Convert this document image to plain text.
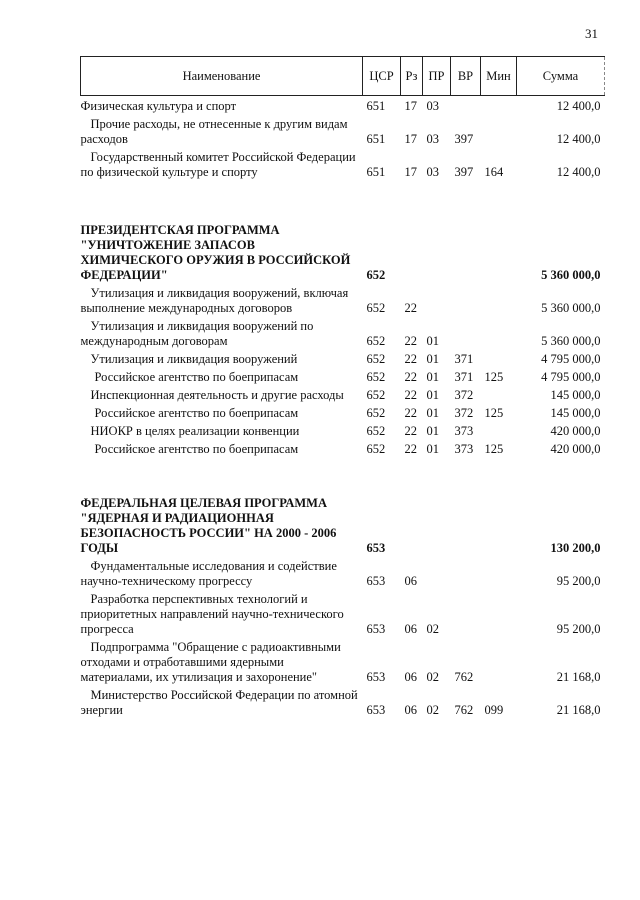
31
Наименование	ЦСР	Рз	ПР	ВР	Мин	Сумма
Физическая культура и спорт	651	17	03			12 400,0
Прочие расходы, не отнесенные к другим видам расходов	651	17	03	397		12 400,0
Государственный комитет Российской Федерации по физической культуре и спорту	651	17	03	397	164	12 400,0

ПРЕЗИДЕНТСКАЯ ПРОГРАММА "УНИЧТОЖЕНИЕ ЗАПАСОВ ХИМИЧЕСКОГО ОРУЖИЯ В РОССИЙСКОЙ ФЕДЕРАЦИИ"	652					5 360 000,0
Утилизация и ликвидация вооружений, включая выполнение международных договоров	652	22				5 360 000,0
Утилизация и ликвидация вооружений по международным договорам	652	22	01			5 360 000,0
Утилизация и ликвидация вооружений	652	22	01	371		4 795 000,0
Российское агентство по боеприпасам	652	22	01	371	125	4 795 000,0
Инспекционная деятельность и другие расходы	652	22	01	372		145 000,0
Российское агентство по боеприпасам	652	22	01	372	125	145 000,0
НИОКР в целях реализации конвенции	652	22	01	373		420 000,0
Российское агентство по боеприпасам	652	22	01	373	125	420 000,0

ФЕДЕРАЛЬНАЯ ЦЕЛЕВАЯ ПРОГРАММА "ЯДЕРНАЯ И РАДИАЦИОННАЯ БЕЗОПАСНОСТЬ РОССИИ" НА 2000 - 2006 ГОДЫ	653					130 200,0
Фундаментальные исследования и содействие научно-техническому прогрессу	653	06				95 200,0
Разработка перспективных технологий и приоритетных направлений научно-технического прогресса	653	06	02			95 200,0
Подпрограмма "Обращение с радиоактивными отходами и отработавшими ядерными материалами, их утилизация и захоронение"	653	06	02	762		21 168,0
Министерство Российской Федерации по атомной энергии	653	06	02	762	099	21 168,0
